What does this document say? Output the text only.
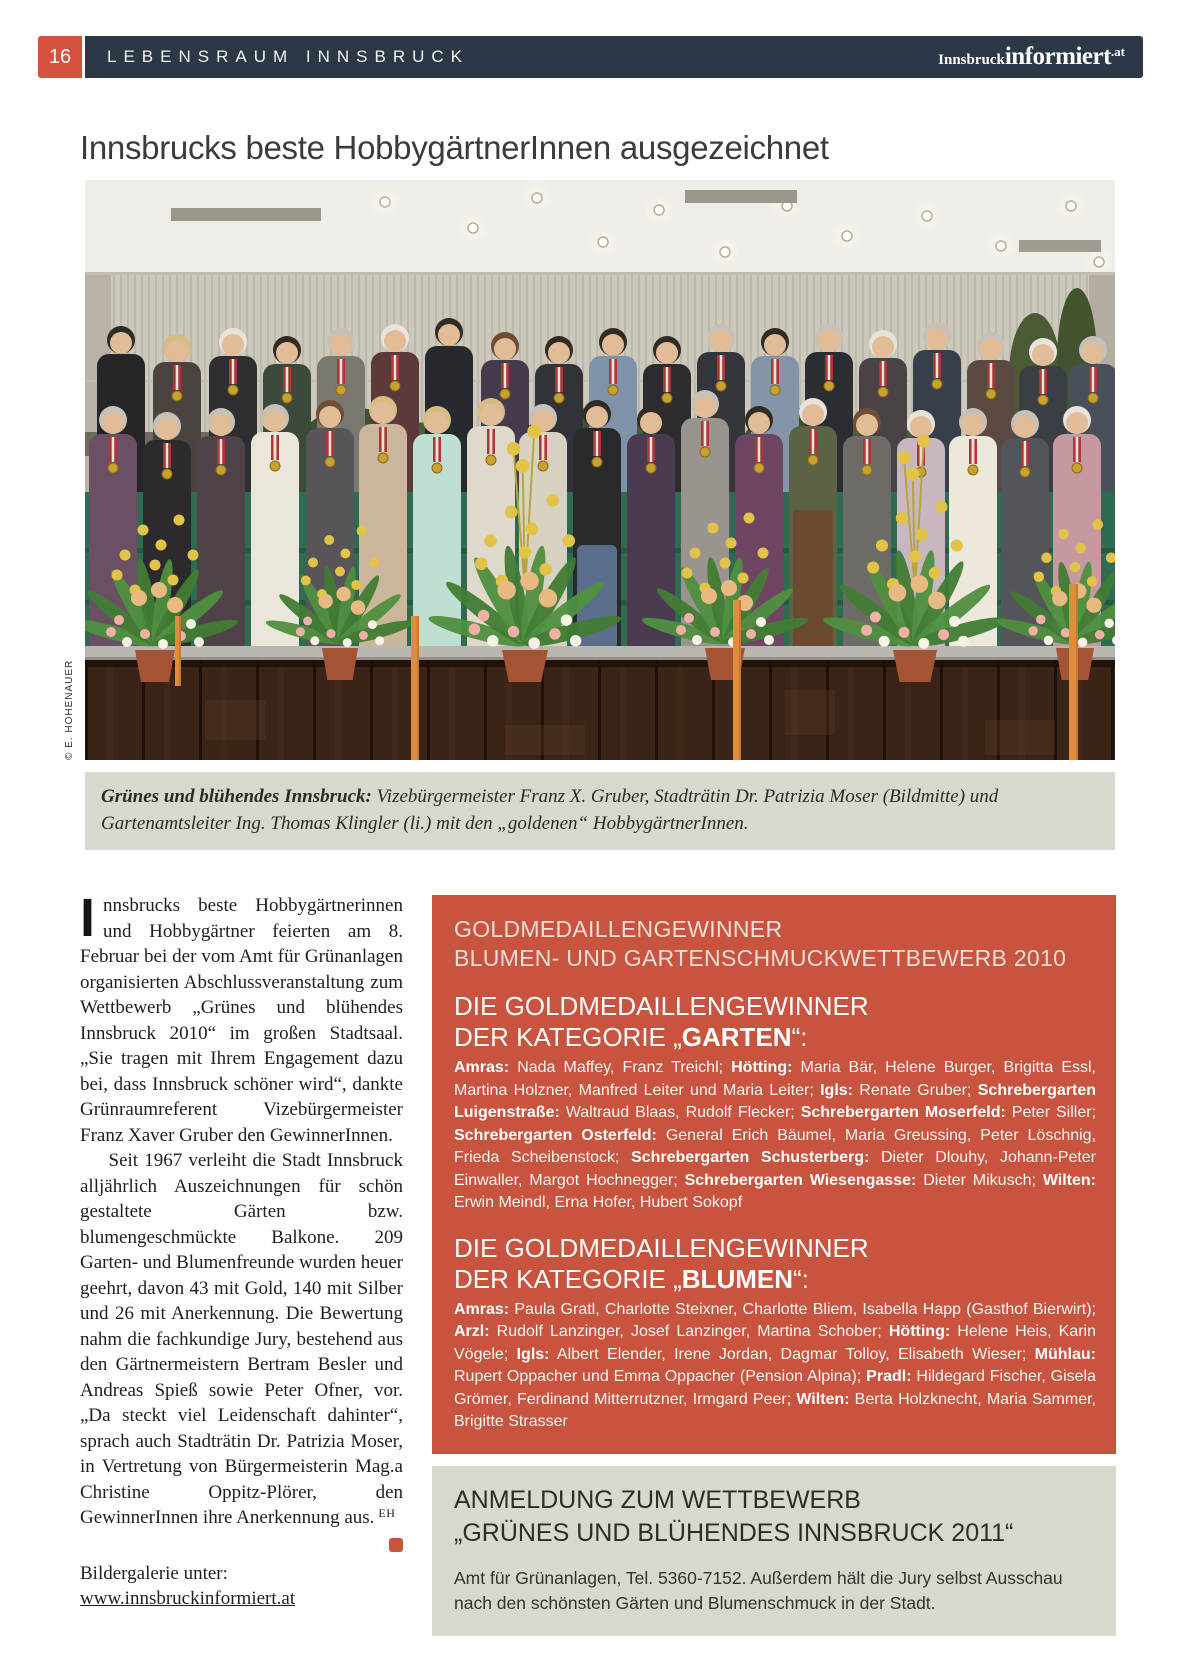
16	LEBENSRAUM INNSBRUCK	Innsbruckinformiert$^{.at}$
Innsbrucks beste HobbygärtnerInnen ausgezeichnet
© E. HOHENAUER
Grünes und blühendes Innsbruck: Vizebürgermeister Franz X. Gruber, Stadträtin Dr. Patrizia Moser (Bildmitte) und Gartenamtsleiter Ing. Thomas Klingler (li.) mit den „goldenen“ HobbygärtnerInnen.

Innsbrucks beste Hobbygärtnerinnen und Hobbygärtner feierten am 8. Februar bei der vom Amt für Grünanlagen organisierten Abschlussveranstaltung zum Wettbewerb „Grünes und blühendes Innsbruck 2010“ im großen Stadtsaal. „Sie tragen mit Ihrem Engagement dazu bei, dass Innsbruck schöner wird“, dankte Grünraumreferent Vizebürgermeister Franz Xaver Gruber den GewinnerInnen.

Seit 1967 verleiht die Stadt Innsbruck alljährlich Auszeichnungen für schön gestaltete Gärten bzw. blumengeschmückte Balkone. 209 Garten- und Blumenfreunde wurden heuer geehrt, davon 43 mit Gold, 140 mit Silber und 26 mit Anerkennung. Die Bewertung nahm die fachkundige Jury, bestehend aus den Gärtnermeistern Bertram Besler und Andreas Spieß sowie Peter Ofner, vor. „Da steckt viel Leidenschaft dahinter“, sprach auch Stadträtin Dr. Patrizia Moser, in Vertretung von Bürgermeisterin Mag.a Christine Oppitz-Plörer, den GewinnerInnen ihre Anerkennung aus. $^{EH}$

Bildergalerie unter:
www.innsbruckinformiert.at

GOLDMEDAILLENGEWINNER
BLUMEN- UND GARTENSCHMUCKWETTBEWERB 2010
DIE GOLDMEDAILLENGEWINNER
DER KATEGORIE „GARTEN“:

Amras: Nada Maffey, Franz Treichl; Hötting: Maria Bär, Helene Burger, Brigitta Essl, Martina Holzner, Manfred Leiter und Maria Leiter; Igls: Renate Gruber; Schrebergarten Luigenstraße: Waltraud Blaas, Rudolf Flecker; Schrebergarten Moserfeld: Peter Siller; Schrebergarten Osterfeld: General Erich Bäumel, Maria Greussing, Peter Löschnig, Frieda Scheibenstock; Schrebergarten Schusterberg: Dieter Dlouhy, Johann-Peter Einwaller, Margot Hochnegger; Schrebergarten Wiesengasse: Dieter Mikusch; Wilten: Erwin Meindl, Erna Hofer, Hubert Sokopf

DIE GOLDMEDAILLENGEWINNER
DER KATEGORIE „BLUMEN“:

Amras: Paula Gratl, Charlotte Steixner, Charlotte Bliem, Isabella Happ (Gasthof Bierwirt); Arzl: Rudolf Lanzinger, Josef Lanzinger, Martina Schober; Hötting: Helene Heis, Karin Vögele; Igls: Albert Elender, Irene Jordan, Dagmar Tolloy, Elisabeth Wieser; Mühlau: Rupert Oppacher und Emma Oppacher (Pension Alpina); Pradl: Hildegard Fischer, Gisela Grömer, Ferdinand Mitterrutzner, Irmgard Peer; Wilten: Berta Holzknecht, Maria Sammer, Brigitte Strasser

ANMELDUNG ZUM WETTBEWERB
„GRÜNES UND BLÜHENDES INNSBRUCK 2011“

Amt für Grünanlagen, Tel. 5360-7152. Außerdem hält die Jury selbst Ausschau nach den schönsten Gärten und Blumenschmuck in der Stadt.
